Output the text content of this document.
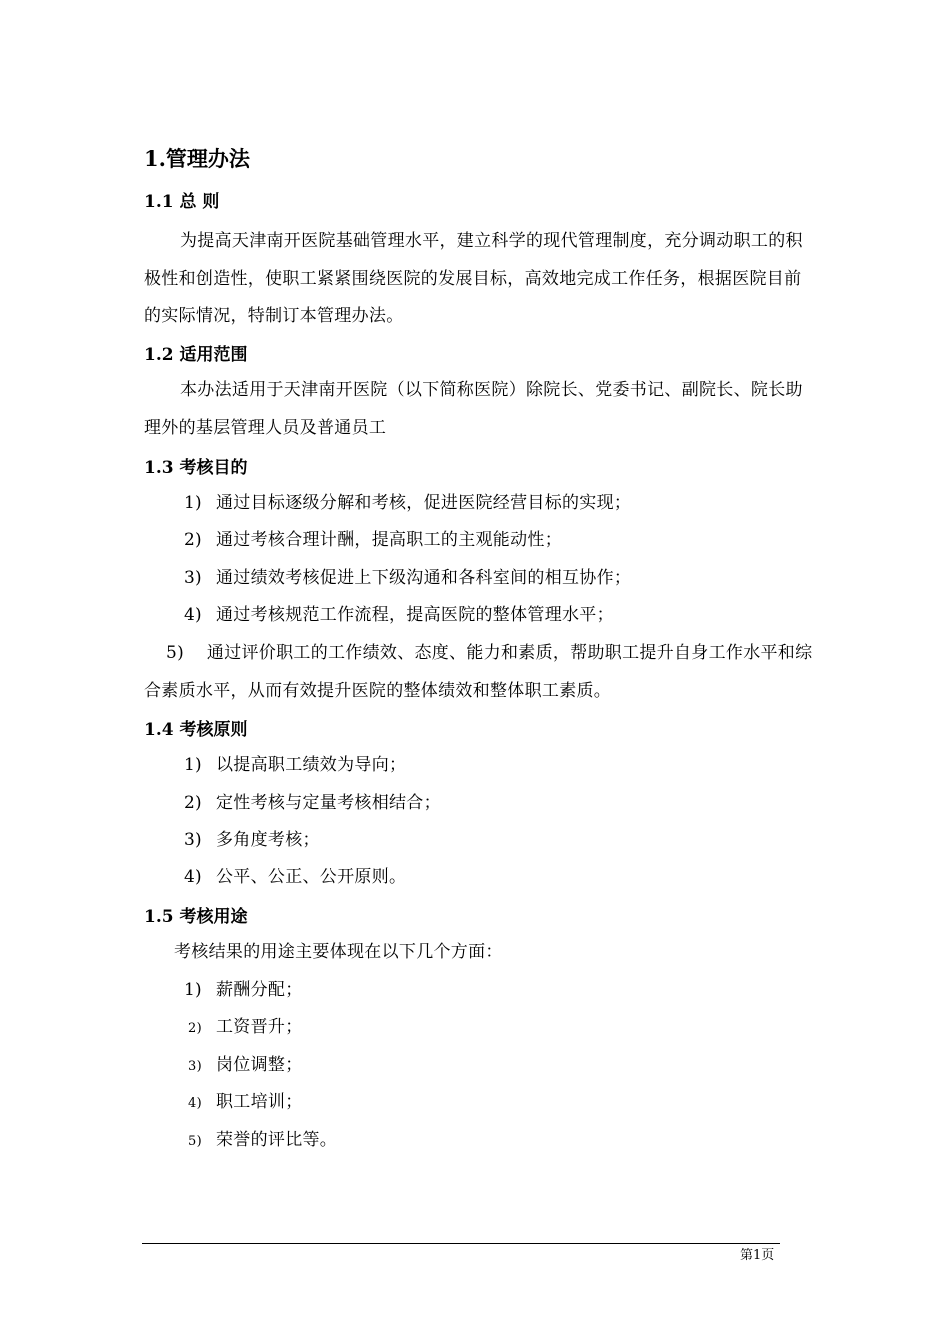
1.管理办法
1.1 总 则
为提高天津南开医院基础管理水平，建立科学的现代管理制度，充分调动职工的积极性和创造性，使职工紧紧围绕医院的发展目标，高效地完成工作任务，根据医院目前的实际情况，特制订本管理办法。
1.2 适用范围
本办法适用于天津南开医院（以下简称医院）除院长、党委书记、副院长、院长助理外的基层管理人员及普通员工
1.3 考核目的
1) 通过目标逐级分解和考核，促进医院经营目标的实现；
2) 通过考核合理计酬，提高职工的主观能动性；
3) 通过绩效考核促进上下级沟通和各科室间的相互协作；
4) 通过考核规范工作流程，提高医院的整体管理水平；
5) 通过评价职工的工作绩效、态度、能力和素质，帮助职工提升自身工作水平和综合素质水平，从而有效提升医院的整体绩效和整体职工素质。
1.4 考核原则
1) 以提高职工绩效为导向；
2) 定性考核与定量考核相结合；
3) 多角度考核；
4) 公平、公正、公开原则。
1.5 考核用途
考核结果的用途主要体现在以下几个方面：
1) 薪酬分配；
2) 工资晋升；
3) 岗位调整；
4) 职工培训；
5) 荣誉的评比等。
第1页
